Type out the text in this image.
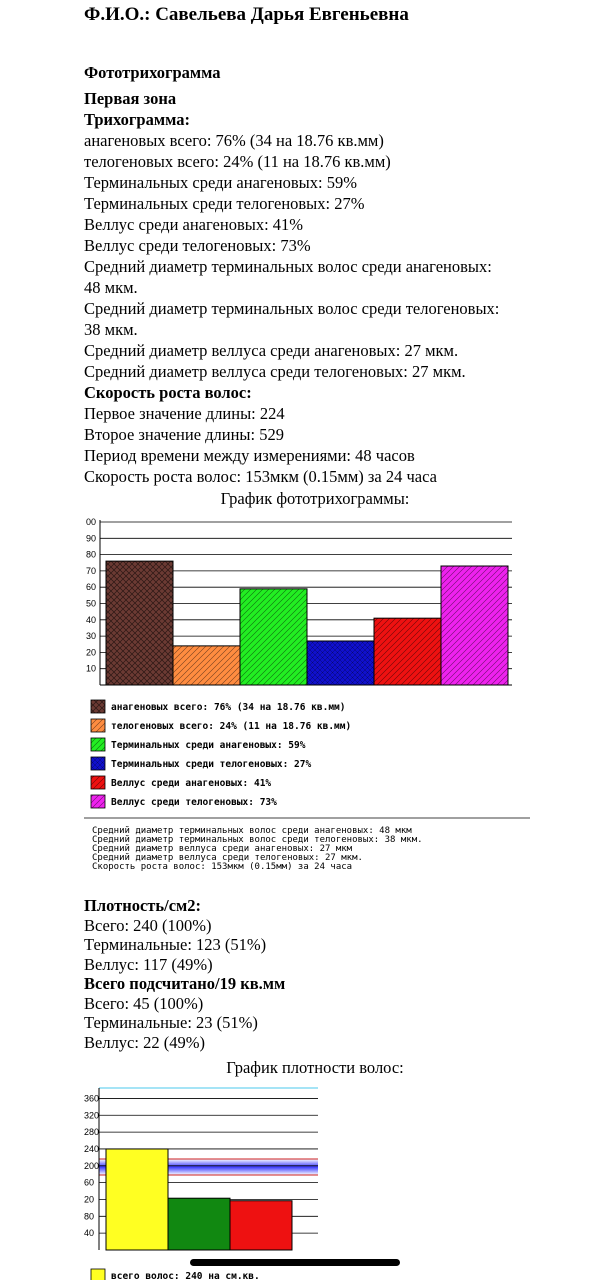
Ф.И.О.: Савельева Дарья Евгеньевна
Фототрихограмма
Первая зона
Трихограмма:
анагеновых всего: 76% (34 на 18.76 кв.мм)
телогеновых всего: 24% (11 на 18.76 кв.мм)
Терминальных среди анагеновых: 59%
Терминальных среди телогеновых: 27%
Веллус среди анагеновых: 41%
Веллус среди телогеновых: 73%
Средний диаметр терминальных волос среди анагеновых:
48 мкм.
Средний диаметр терминальных волос среди телогеновых:
38 мкм.
Средний диаметр веллуса среди анагеновых: 27 мкм.
Средний диаметр веллуса среди телогеновых: 27 мкм.
Скорость роста волос:
Первое значение длины: 224
Второе значение длины: 529
Период времени между измерениями: 48 часов
Скорость роста волос: 153мкм (0.15мм) за 24 часа
График фототрихограммы:
Плотность/см2:
Всего: 240 (100%)
Терминальные: 123 (51%)
Веллус: 117 (49%)
Всего подсчитано/19 кв.мм
Всего: 45 (100%)
Терминальные: 23 (51%)
Веллус: 22 (49%)
График плотности волос:
10
20
30
40
50
60
70
80
90
00
анагеновых всего: 76% (34 на 18.76 кв.мм)
телогеновых всего: 24% (11 на 18.76 кв.мм)
Терминальных среди анагеновых: 59%
Терминальных среди телогеновых: 27%
Веллус среди анагеновых: 41%
Веллус среди телогеновых: 73%
Средний диаметр терминальных волос среди анагеновых: 48 мкм
Средний диаметр терминальных волос среди телогеновых: 38 мкм.
Средний диаметр веллуса среди анагеновых: 27 мкм
Средний диаметр веллуса среди телогеновых: 27 мкм.
Скорость роста волос: 153мкм (0.15мм) за 24 часа
40
80
20
60
200
240
280
320
360
всего волос: 240 на см.кв.
